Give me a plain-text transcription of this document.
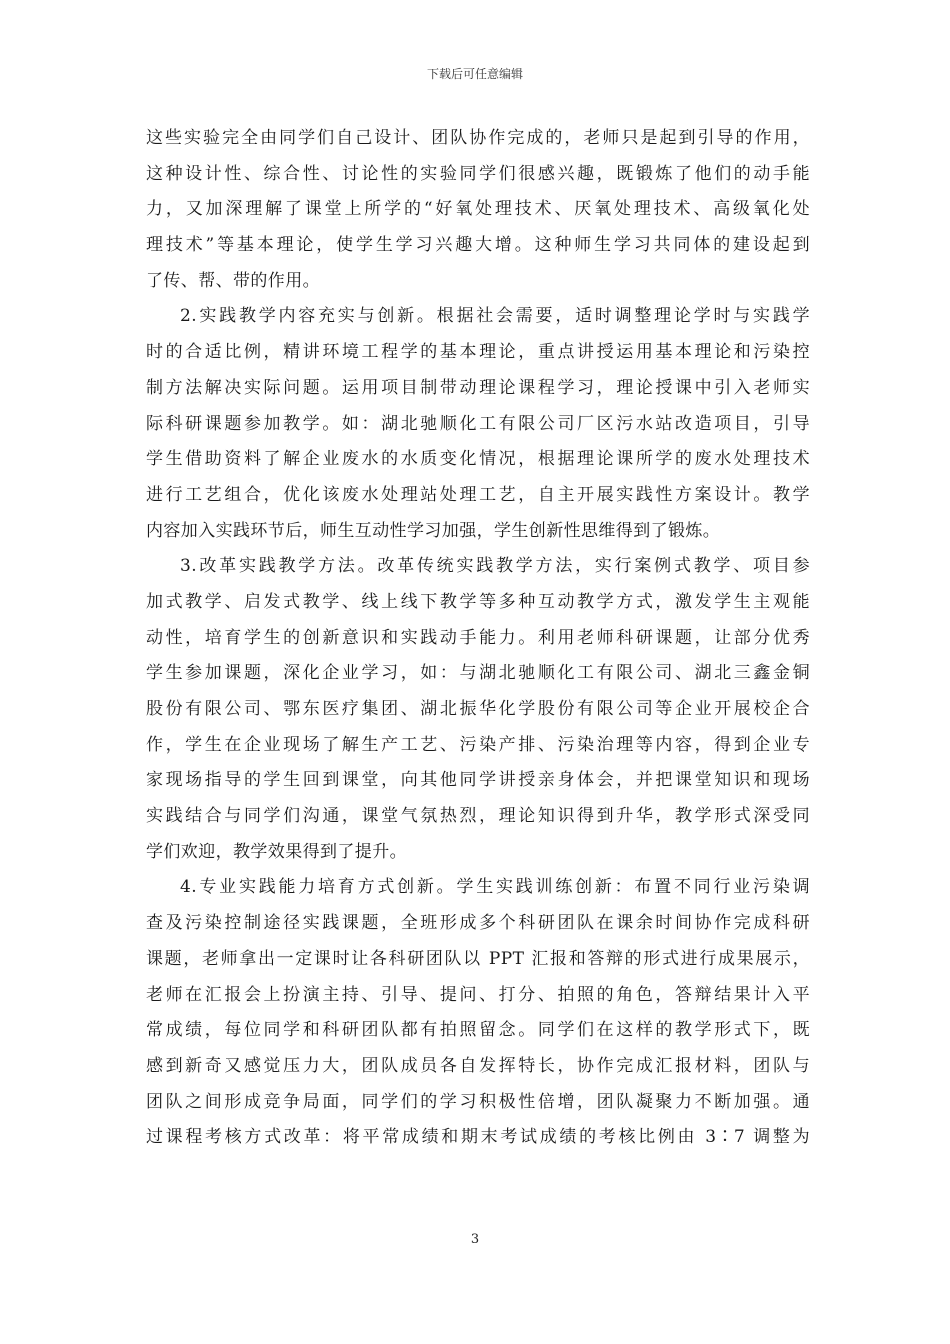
下载后可任意编辑
这些实验完全由同学们自己设计、团队协作完成的，老师只是起到引导的作用，
这种设计性、综合性、讨论性的实验同学们很感兴趣，既锻炼了他们的动手能
力，又加深理解了课堂上所学的“好氧处理技术、厌氧处理技术、高级氧化处
理技术”等基本理论，使学生学习兴趣大增。这种师生学习共同体的建设起到
了传、帮、带的作用。
2.实践教学内容充实与创新。根据社会需要，适时调整理论学时与实践学
时的合适比例，精讲环境工程学的基本理论，重点讲授运用基本理论和污染控
制方法解决实际问题。运用项目制带动理论课程学习，理论授课中引入老师实
际科研课题参加教学。如：湖北驰顺化工有限公司厂区污水站改造项目，引导
学生借助资料了解企业废水的水质变化情况，根据理论课所学的废水处理技术
进行工艺组合，优化该废水处理站处理工艺，自主开展实践性方案设计。教学
内容加入实践环节后，师生互动性学习加强，学生创新性思维得到了锻炼。
3.改革实践教学方法。改革传统实践教学方法，实行案例式教学、项目参
加式教学、启发式教学、线上线下教学等多种互动教学方式，激发学生主观能
动性，培育学生的创新意识和实践动手能力。利用老师科研课题，让部分优秀
学生参加课题，深化企业学习，如：与湖北驰顺化工有限公司、湖北三鑫金铜
股份有限公司、鄂东医疗集团、湖北振华化学股份有限公司等企业开展校企合
作，学生在企业现场了解生产工艺、污染产排、污染治理等内容，得到企业专
家现场指导的学生回到课堂，向其他同学讲授亲身体会，并把课堂知识和现场
实践结合与同学们沟通，课堂气氛热烈，理论知识得到升华，教学形式深受同
学们欢迎，教学效果得到了提升。
4.专业实践能力培育方式创新。学生实践训练创新：布置不同行业污染调
查及污染控制途径实践课题，全班形成多个科研团队在课余时间协作完成科研
课题，老师拿出一定课时让各科研团队以 PPT 汇报和答辩的形式进行成果展示，
老师在汇报会上扮演主持、引导、提问、打分、拍照的角色，答辩结果计入平
常成绩，每位同学和科研团队都有拍照留念。同学们在这样的教学形式下，既
感到新奇又感觉压力大，团队成员各自发挥特长，协作完成汇报材料，团队与
团队之间形成竞争局面，同学们的学习积极性倍增，团队凝聚力不断加强。通
过课程考核方式改革：将平常成绩和期末考试成绩的考核比例由 3∶7 调整为
3
